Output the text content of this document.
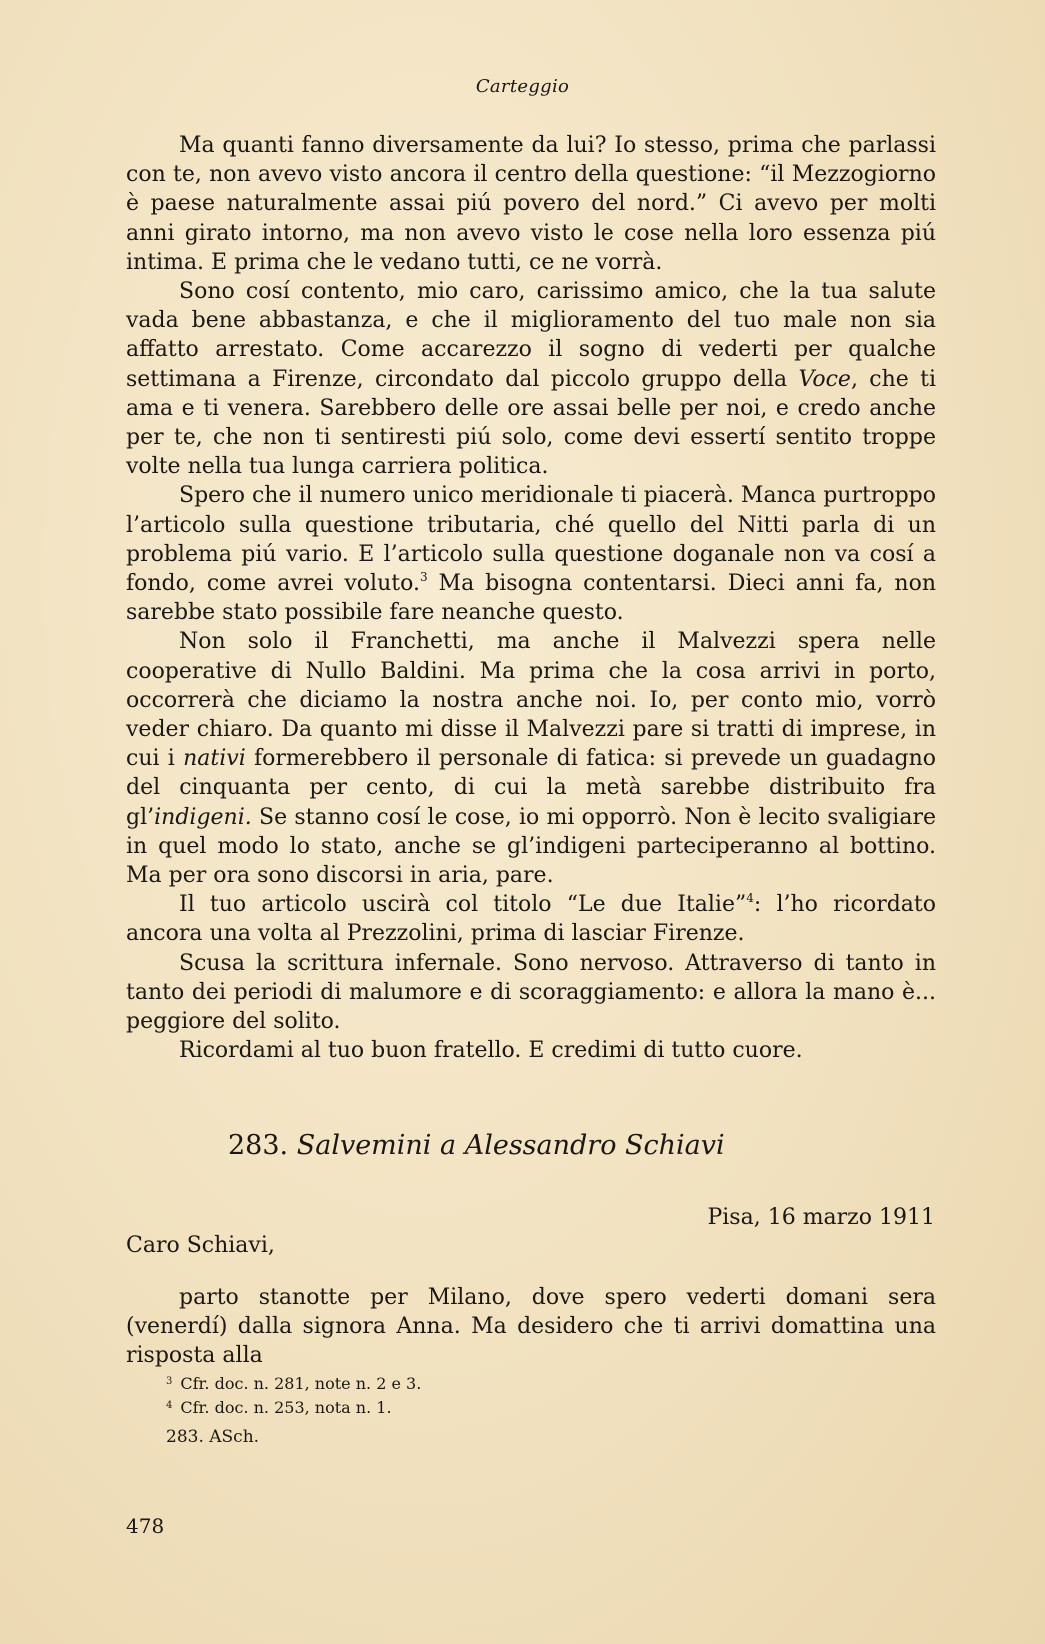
Carteggio

Ma quanti fanno diversamente da lui? Io stesso, prima che parlassi con te, non avevo visto ancora il centro della questione: “il Mezzogiorno è paese naturalmente assai piú povero del nord.” Ci avevo per molti anni girato intorno, ma non avevo visto le cose nella loro essenza piú intima. E prima che le vedano tutti, ce ne vorrà.

Sono cosí contento, mio caro, carissimo amico, che la tua salute vada bene abbastanza, e che il miglioramento del tuo male non sia affatto arrestato. Come accarezzo il sogno di vederti per qualche settimana a Firenze, circondato dal piccolo gruppo della Voce, che ti ama e ti venera. Sarebbero delle ore assai belle per noi, e credo anche per te, che non ti sentiresti piú solo, come devi essertí sentito troppe volte nella tua lunga carriera politica.

Spero che il numero unico meridionale ti piacerà. Manca purtroppo l’articolo sulla questione tributaria, ché quello del Nitti parla di un problema piú vario. E l’articolo sulla questione doganale non va cosí a fondo, come avrei voluto.$^3$ Ma bisogna contentarsi. Dieci anni fa, non sarebbe stato possibile fare neanche questo.

Non solo il Franchetti, ma anche il Malvezzi spera nelle cooperative di Nullo Baldini. Ma prima che la cosa arrivi in porto, occorrerà che diciamo la nostra anche noi. Io, per conto mio, vorrò veder chiaro. Da quanto mi disse il Malvezzi pare si tratti di imprese, in cui i nativi formerebbero il personale di fatica: si prevede un guadagno del cinquanta per cento, di cui la metà sarebbe distribuito fra gl’indigeni. Se stanno cosí le cose, io mi opporrò. Non è lecito svaligiare in quel modo lo stato, anche se gl’indigeni parteciperanno al bottino. Ma per ora sono discorsi in aria, pare.

Il tuo articolo uscirà col titolo “Le due Italie”$^4$: l’ho ricordato ancora una volta al Prezzolini, prima di lasciar Firenze.

Scusa la scrittura infernale. Sono nervoso. Attraverso di tanto in tanto dei periodi di malumore e di scoraggiamento: e allora la mano è... peggiore del solito.

Ricordami al tuo buon fratello. E credimi di tutto cuore.

283. Salvemini a Alessandro Schiavi
Pisa, 16 marzo 1911
Caro Schiavi,

parto stanotte per Milano, dove spero vederti domani sera (venerdí) dalla signora Anna. Ma desidero che ti arrivi domattina una risposta alla

$^3$ Cfr. doc. n. 281, note n. 2 e 3.
$^4$ Cfr. doc. n. 253, nota n. 1.
283. ASch.
478
